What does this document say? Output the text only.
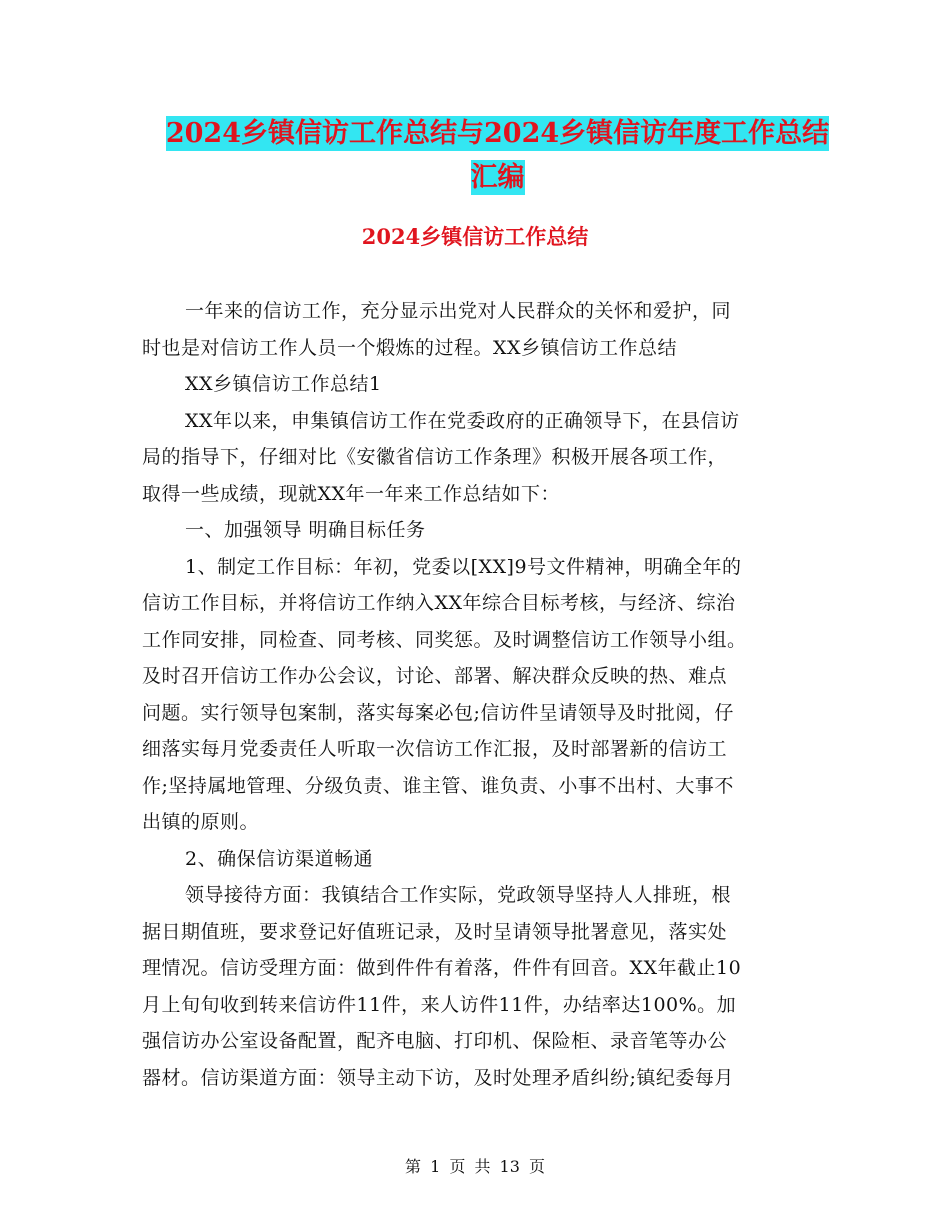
2024乡镇信访工作总结与2024乡镇信访年度工作总结
汇编
2024乡镇信访工作总结
一年来的信访工作，充分显示出党对人民群众的关怀和爱护，同
时也是对信访工作人员一个煅炼的过程。XX乡镇信访工作总结
XX乡镇信访工作总结1
XX年以来，申集镇信访工作在党委政府的正确领导下，在县信访
局的指导下，仔细对比《安徽省信访工作条理》积极开展各项工作，
取得一些成绩，现就XX年一年来工作总结如下：
一、加强领导 明确目标任务
1、制定工作目标：年初，党委以[XX]9号文件精神，明确全年的
信访工作目标，并将信访工作纳入XX年综合目标考核，与经济、综治
工作同安排，同检查、同考核、同奖惩。及时调整信访工作领导小组。
及时召开信访工作办公会议，讨论、部署、解决群众反映的热、难点
问题。实行领导包案制，落实每案必包;信访件呈请领导及时批阅，仔
细落实每月党委责任人听取一次信访工作汇报，及时部署新的信访工
作;坚持属地管理、分级负责、谁主管、谁负责、小事不出村、大事不
出镇的原则。
2、确保信访渠道畅通
领导接待方面：我镇结合工作实际，党政领导坚持人人排班，根
据日期值班，要求登记好值班记录，及时呈请领导批署意见，落实处
理情况。信访受理方面：做到件件有着落，件件有回音。XX年截止10
月上旬旬收到转来信访件11件，来人访件11件，办结率达100%。加
强信访办公室设备配置，配齐电脑、打印机、保险柜、录音笔等办公
器材。信访渠道方面：领导主动下访，及时处理矛盾纠纷;镇纪委每月
第 1 页 共 13 页
